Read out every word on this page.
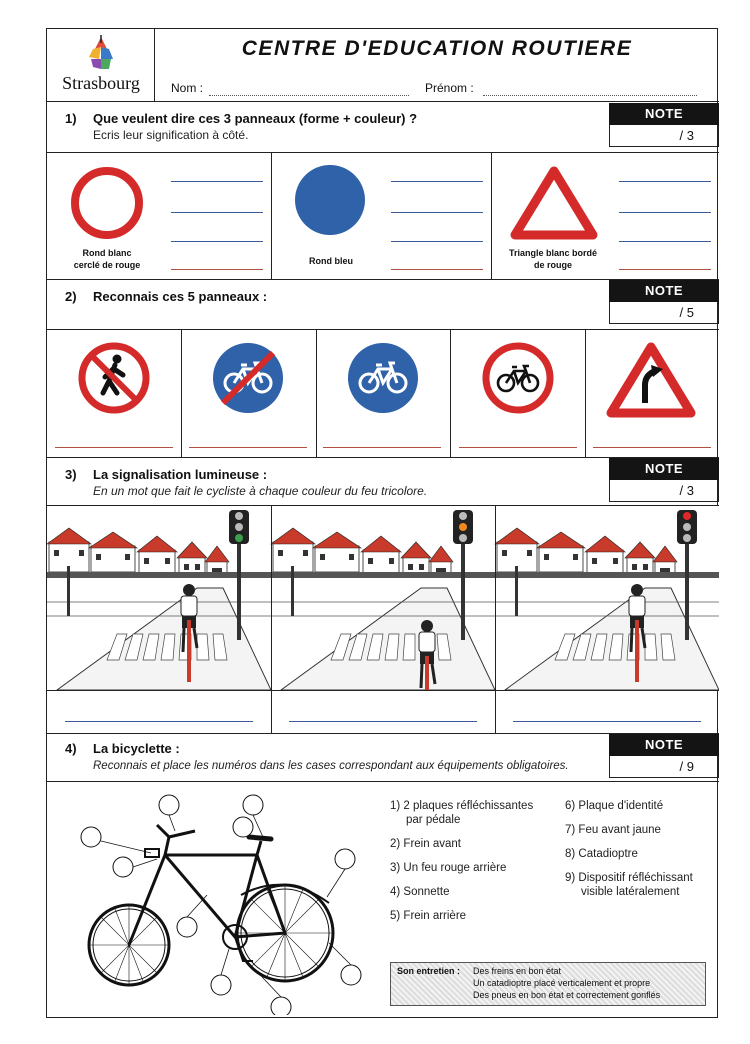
Strasbourg
CENTRE D'EDUCATION ROUTIERE
Nom :	Prénom :
1) Que veulent dire ces 3 panneaux (forme + couleur) ?
Ecris leur signification à côté.
NOTE
/ 3
Rond blanc
cerclé de rouge	Rond bleu
Triangle blanc bordé
de rouge
2) Reconnais ces 5 panneaux :	NOTE
/ 5
3) La signalisation lumineuse :
En un mot que fait le cycliste à chaque couleur du feu tricolore.
NOTE
/ 3
4) La bicyclette :
Reconnais et place les numéros dans les cases correspondant aux équipements obligatoires.
NOTE
/ 9
1) 2 plaques réfléchissantes
par pédale
2) Frein avant
3) Un feu rouge arrière
4) Sonnette
5) Frein arrière
6) Plaque d'identité
7) Feu avant jaune
8) Catadioptre
9) Dispositif réfléchissant
visible latéralement
Son entretien :	Des freins en bon état
Un catadioptre placé verticalement et propre
Des pneus en bon état et correctement gonflés
